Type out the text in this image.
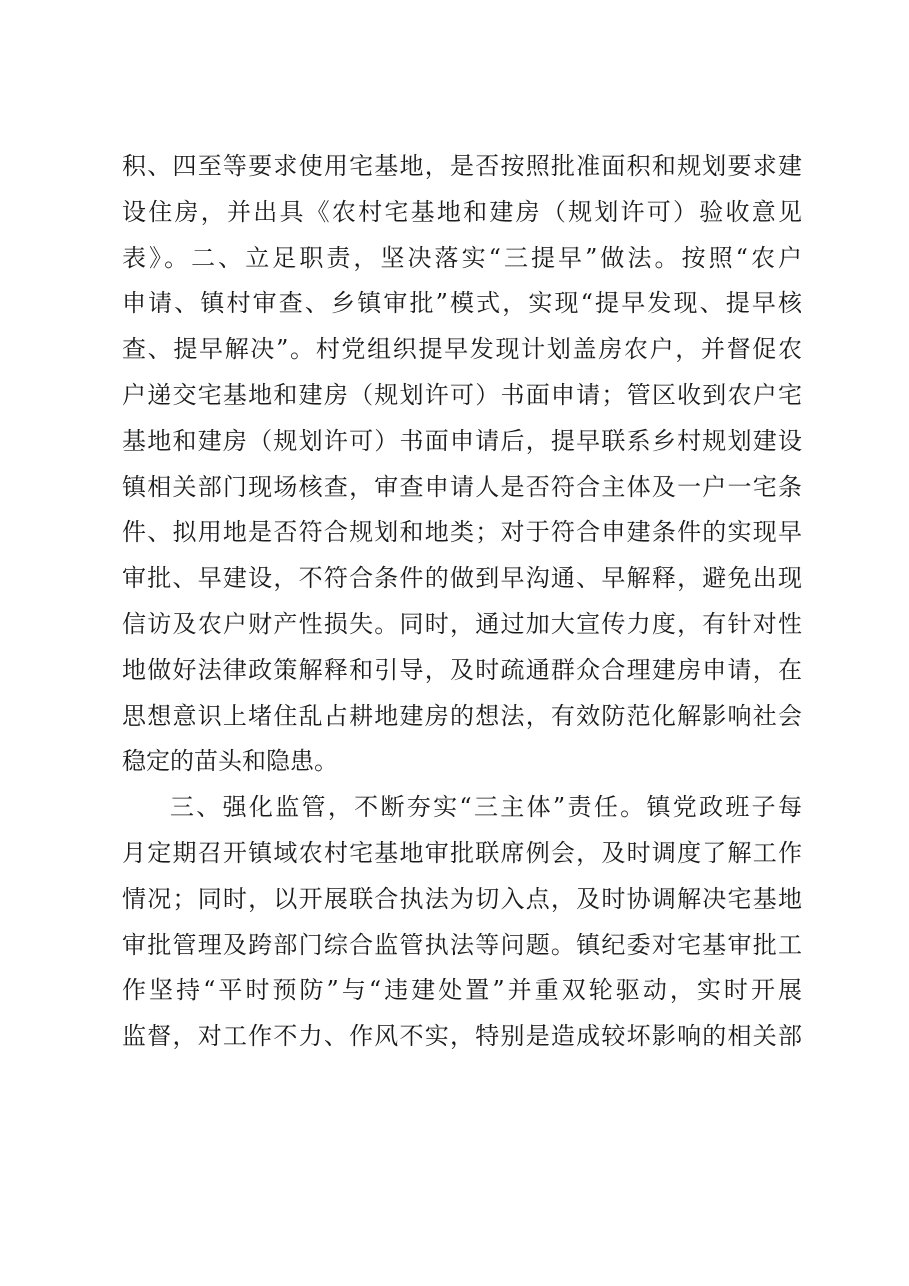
积、四至等要求使用宅基地，是否按照批准面积和规划要求建
设住房，并出具《农村宅基地和建房（规划许可）验收意见
表》。二、立足职责，坚决落实“三提早”做法。按照“农户
申请、镇村审查、乡镇审批”模式，实现“提早发现、提早核
查、提早解决”。村党组织提早发现计划盖房农户，并督促农
户递交宅基地和建房（规划许可）书面申请；管区收到农户宅
基地和建房（规划许可）书面申请后，提早联系乡村规划建设
镇相关部门现场核查，审查申请人是否符合主体及一户一宅条
件、拟用地是否符合规划和地类；对于符合申建条件的实现早
审批、早建设，不符合条件的做到早沟通、早解释，避免出现
信访及农户财产性损失。同时，通过加大宣传力度，有针对性
地做好法律政策解释和引导，及时疏通群众合理建房申请，在
思想意识上堵住乱占耕地建房的想法，有效防范化解影响社会
稳定的苗头和隐患。
三、强化监管，不断夯实“三主体”责任。镇党政班子每
月定期召开镇域农村宅基地审批联席例会，及时调度了解工作
情况；同时，以开展联合执法为切入点，及时协调解决宅基地
审批管理及跨部门综合监管执法等问题。镇纪委对宅基审批工
作坚持“平时预防”与“违建处置”并重双轮驱动，实时开展
监督，对工作不力、作风不实，特别是造成较坏影响的相关部
